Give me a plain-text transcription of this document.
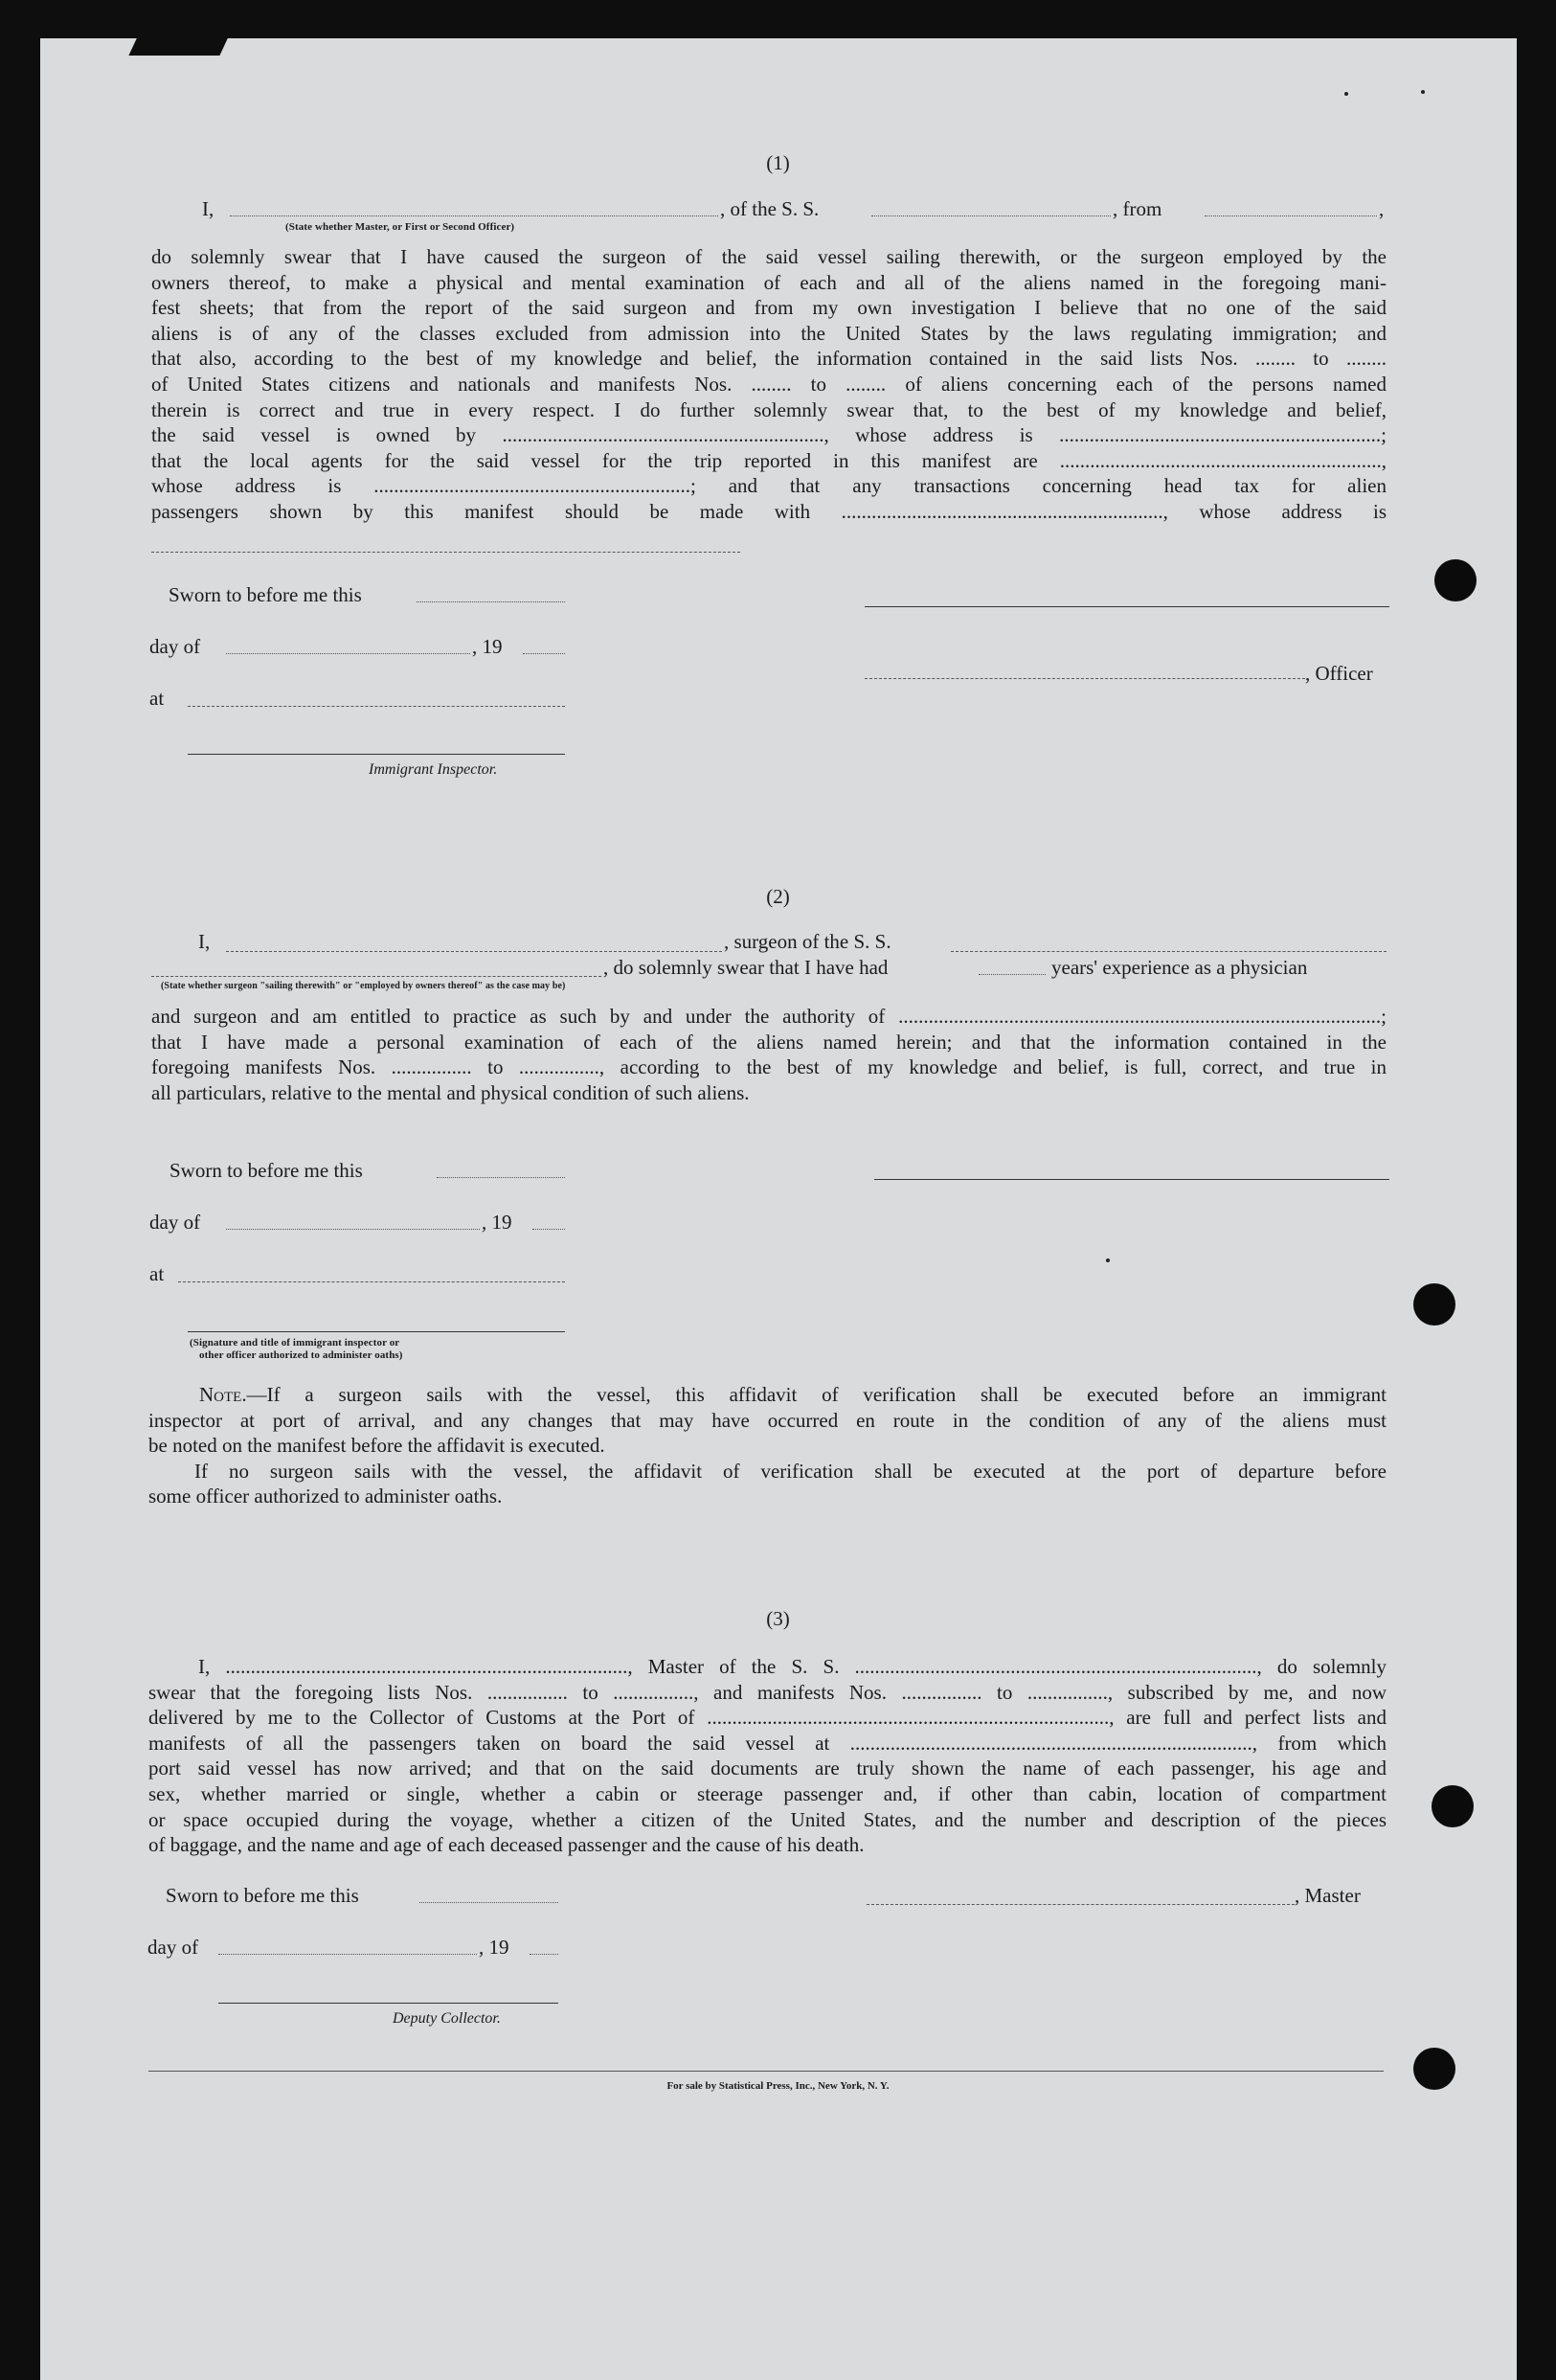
(1)
I,	, of the S. S.	, from	,
(State whether Master, or First or Second Officer)
do solemnly swear that I have caused the surgeon of the said vessel sailing therewith, or the surgeon employed by the
owners thereof, to make a physical and mental examination of each and all of the aliens named in the foregoing mani-
fest sheets; that from the report of the said surgeon and from my own investigation I believe that no one of the said
aliens is of any of the classes excluded from admission into the United States by the laws regulating immigration; and
that also, according to the best of my knowledge and belief, the information contained in the said lists Nos. ........ to ........
of United States citizens and nationals and manifests Nos. ........ to ........ of aliens concerning each of the persons named
therein is correct and true in every respect. I do further solemnly swear that, to the best of my knowledge and belief,
the said vessel is owned by ................................................................, whose address is ................................................................;
that the local agents for the said vessel for the trip reported in this manifest are ................................................................,
whose address is ...............................................................; and that any transactions concerning head tax for alien
passengers shown by this manifest should be made with ................................................................, whose address is
Sworn to before me this
day of	, 19
, Officer
at
Immigrant Inspector.
(2)
I,	, surgeon of the S. S.
, do solemnly swear that I have had	years' experience as a physician
(State whether surgeon "sailing therewith" or "employed by owners thereof" as the case may be)
and surgeon and am entitled to practice as such by and under the authority of ................................................................................................;
that I have made a personal examination of each of the aliens named herein; and that the information contained in the
foregoing manifests Nos. ................ to ................, according to the best of my knowledge and belief, is full, correct, and true in
all particulars, relative to the mental and physical condition of such aliens.
Sworn to before me this
day of	, 19
at
(Signature and title of immigrant inspector or
other officer authorized to administer oaths)
Note.—If a surgeon sails with the vessel, this affidavit of verification shall be executed before an immigrant
inspector at port of arrival, and any changes that may have occurred en route in the condition of any of the aliens must
be noted on the manifest before the affidavit is executed.
If no surgeon sails with the vessel, the affidavit of verification shall be executed at the port of departure before
some officer authorized to administer oaths.
(3)
I, ................................................................................, Master of the S. S. ................................................................................, do solemnly
swear that the foregoing lists Nos. ................ to ................, and manifests Nos. ................ to ................, subscribed by me, and now
delivered by me to the Collector of Customs at the Port of ................................................................................, are full and perfect lists and
manifests of all the passengers taken on board the said vessel at ................................................................................, from which
port said vessel has now arrived; and that on the said documents are truly shown the name of each passenger, his age and
sex, whether married or single, whether a cabin or steerage passenger and, if other than cabin, location of compartment
or space occupied during the voyage, whether a citizen of the United States, and the number and description of the pieces
of baggage, and the name and age of each deceased passenger and the cause of his death.
Sworn to before me this	, Master
day of	, 19
Deputy Collector.
For sale by Statistical Press, Inc., New York, N. Y.
